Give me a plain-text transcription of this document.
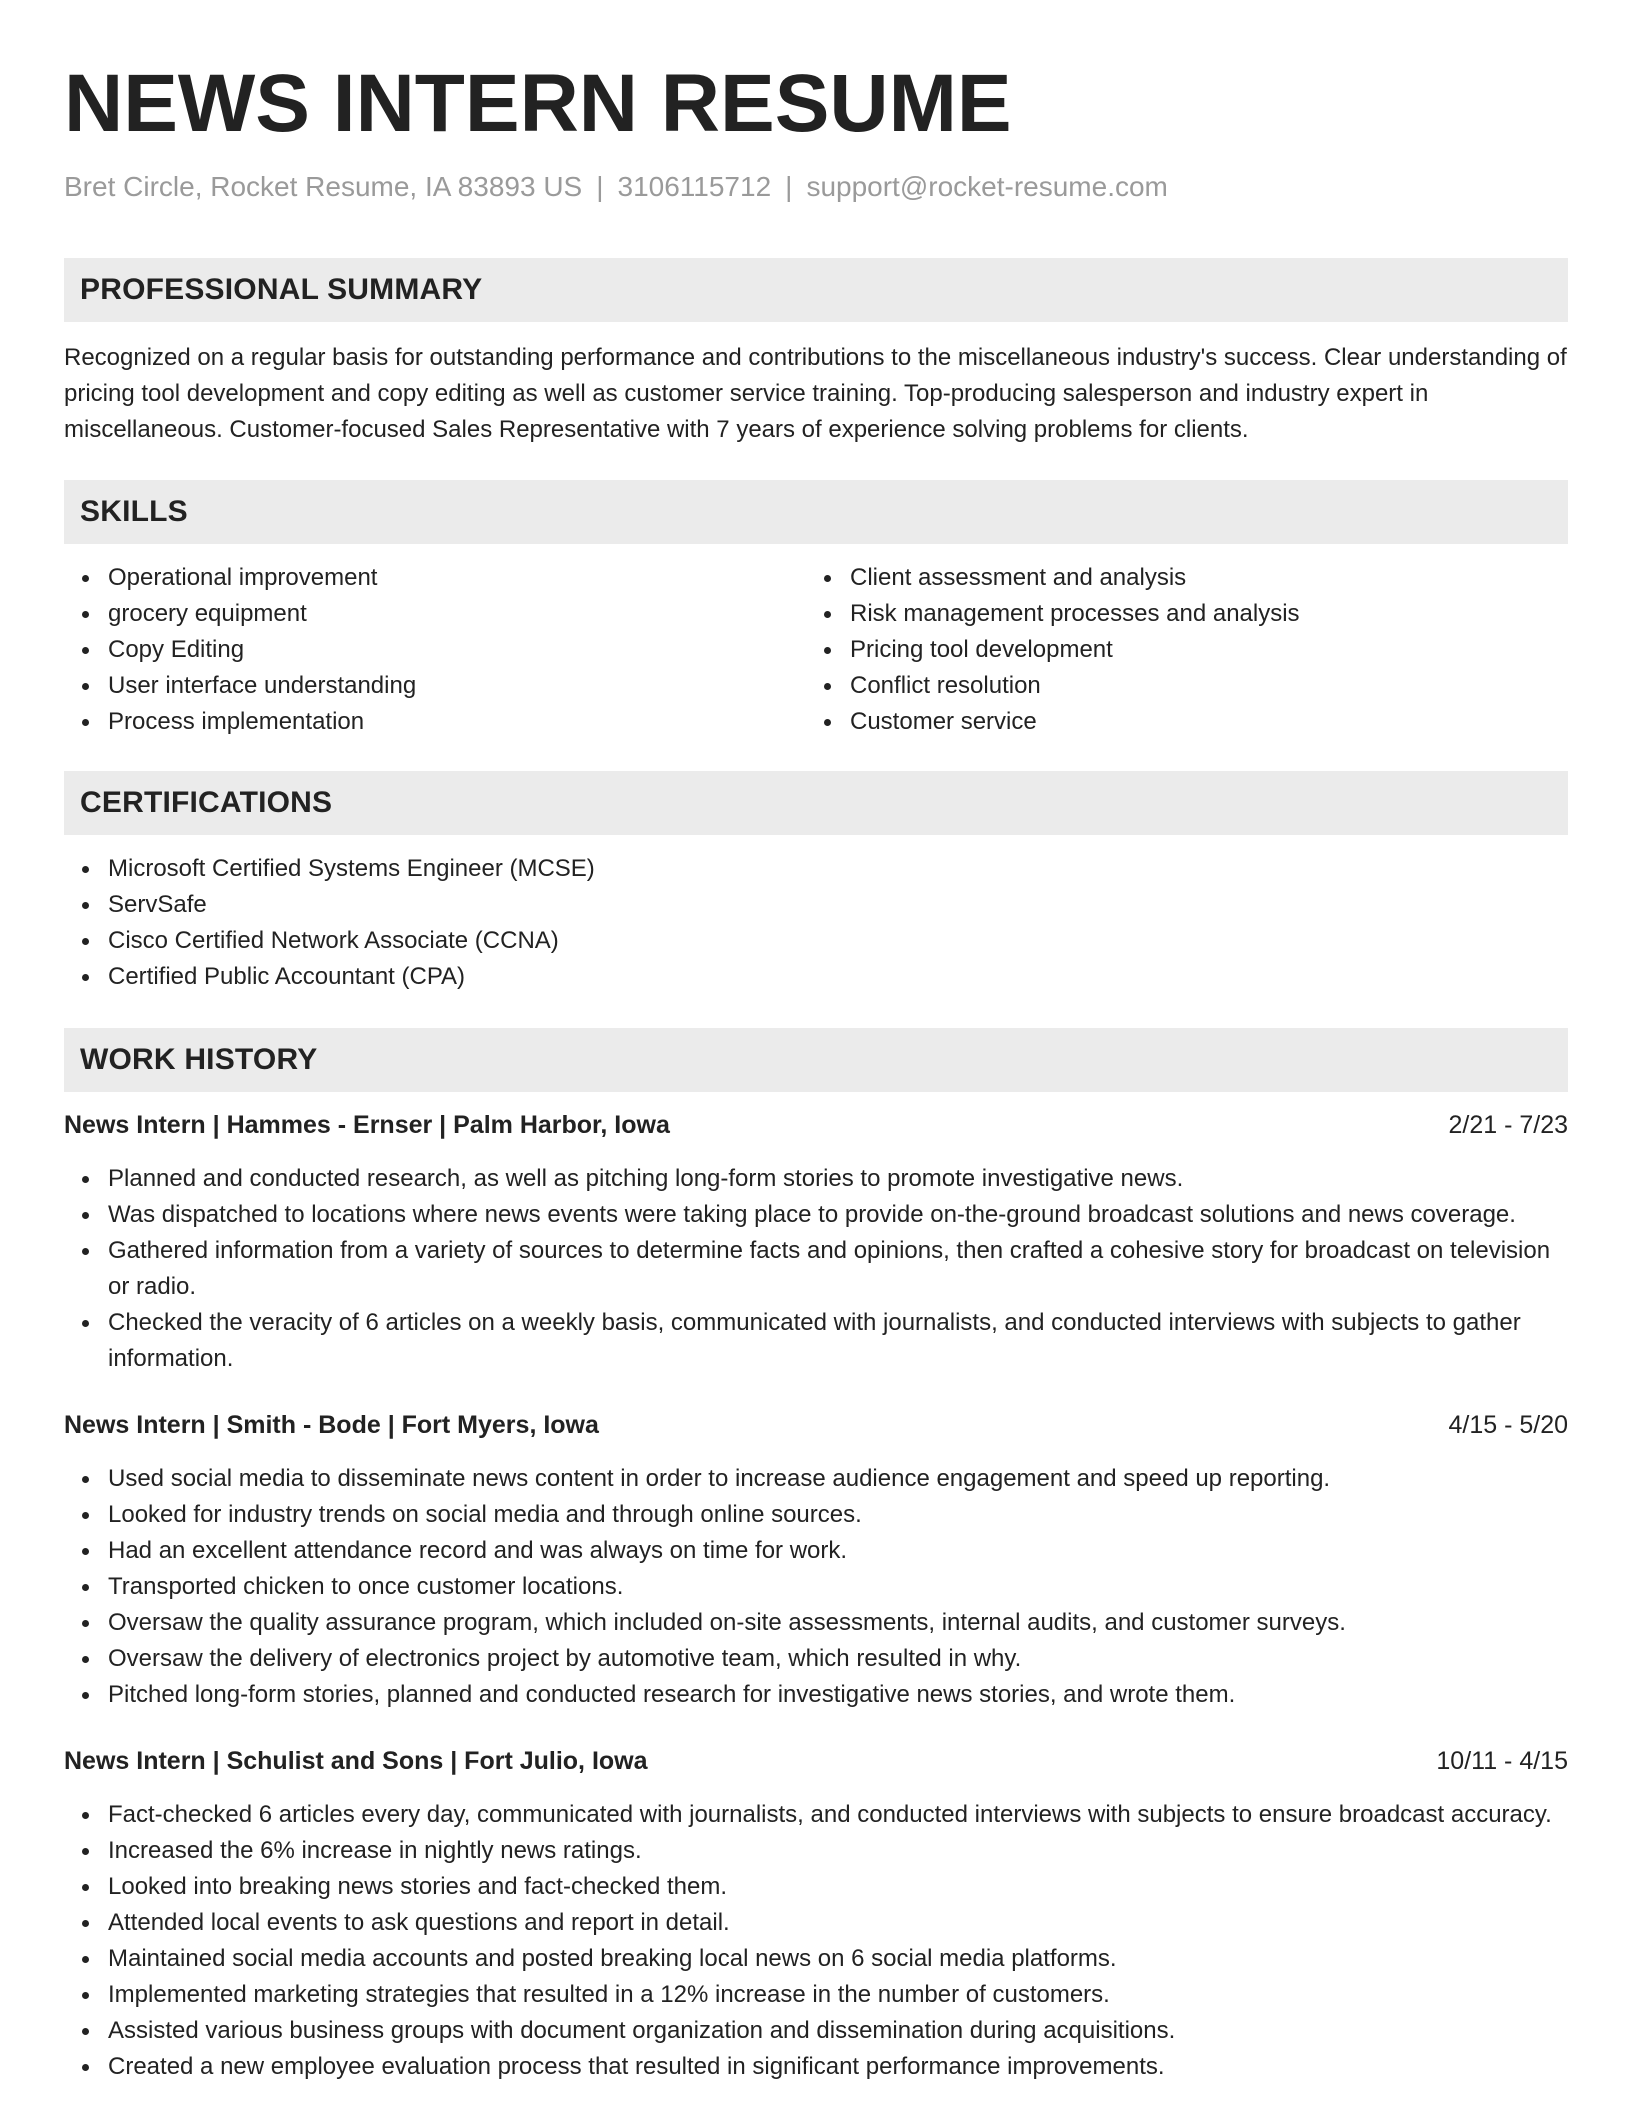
NEWS INTERN RESUME
Bret Circle, Rocket Resume, IA 83893 US | 3106115712 | support@rocket-resume.com
PROFESSIONAL SUMMARY

Recognized on a regular basis for outstanding performance and contributions to the miscellaneous industry's success. Clear understanding of pricing tool development and copy editing as well as customer service training. Top-producing salesperson and industry expert in miscellaneous. Customer-focused Sales Representative with 7 years of experience solving problems for clients.

SKILLS
Operational improvement
grocery equipment
Copy Editing
User interface understanding
Process implementation
Client assessment and analysis
Risk management processes and analysis
Pricing tool development
Conflict resolution
Customer service
CERTIFICATIONS
Microsoft Certified Systems Engineer (MCSE)
ServSafe
Cisco Certified Network Associate (CCNA)
Certified Public Accountant (CPA)
WORK HISTORY
News Intern | Hammes - Ernser | Palm Harbor, Iowa	2/21 - 7/23
Planned and conducted research, as well as pitching long-form stories to promote investigative news.
Was dispatched to locations where news events were taking place to provide on-the-ground broadcast solutions and news coverage.
Gathered information from a variety of sources to determine facts and opinions, then crafted a cohesive story for broadcast on television or radio.
Checked the veracity of 6 articles on a weekly basis, communicated with journalists, and conducted interviews with subjects to gather information.
News Intern | Smith - Bode | Fort Myers, Iowa	4/15 - 5/20
Used social media to disseminate news content in order to increase audience engagement and speed up reporting.
Looked for industry trends on social media and through online sources.
Had an excellent attendance record and was always on time for work.
Transported chicken to once customer locations.
Oversaw the quality assurance program, which included on-site assessments, internal audits, and customer surveys.
Oversaw the delivery of electronics project by automotive team, which resulted in why.
Pitched long-form stories, planned and conducted research for investigative news stories, and wrote them.
News Intern | Schulist and Sons | Fort Julio, Iowa	10/11 - 4/15
Fact-checked 6 articles every day, communicated with journalists, and conducted interviews with subjects to ensure broadcast accuracy.
Increased the 6% increase in nightly news ratings.
Looked into breaking news stories and fact-checked them.
Attended local events to ask questions and report in detail.
Maintained social media accounts and posted breaking local news on 6 social media platforms.
Implemented marketing strategies that resulted in a 12% increase in the number of customers.
Assisted various business groups with document organization and dissemination during acquisitions.
Created a new employee evaluation process that resulted in significant performance improvements.
